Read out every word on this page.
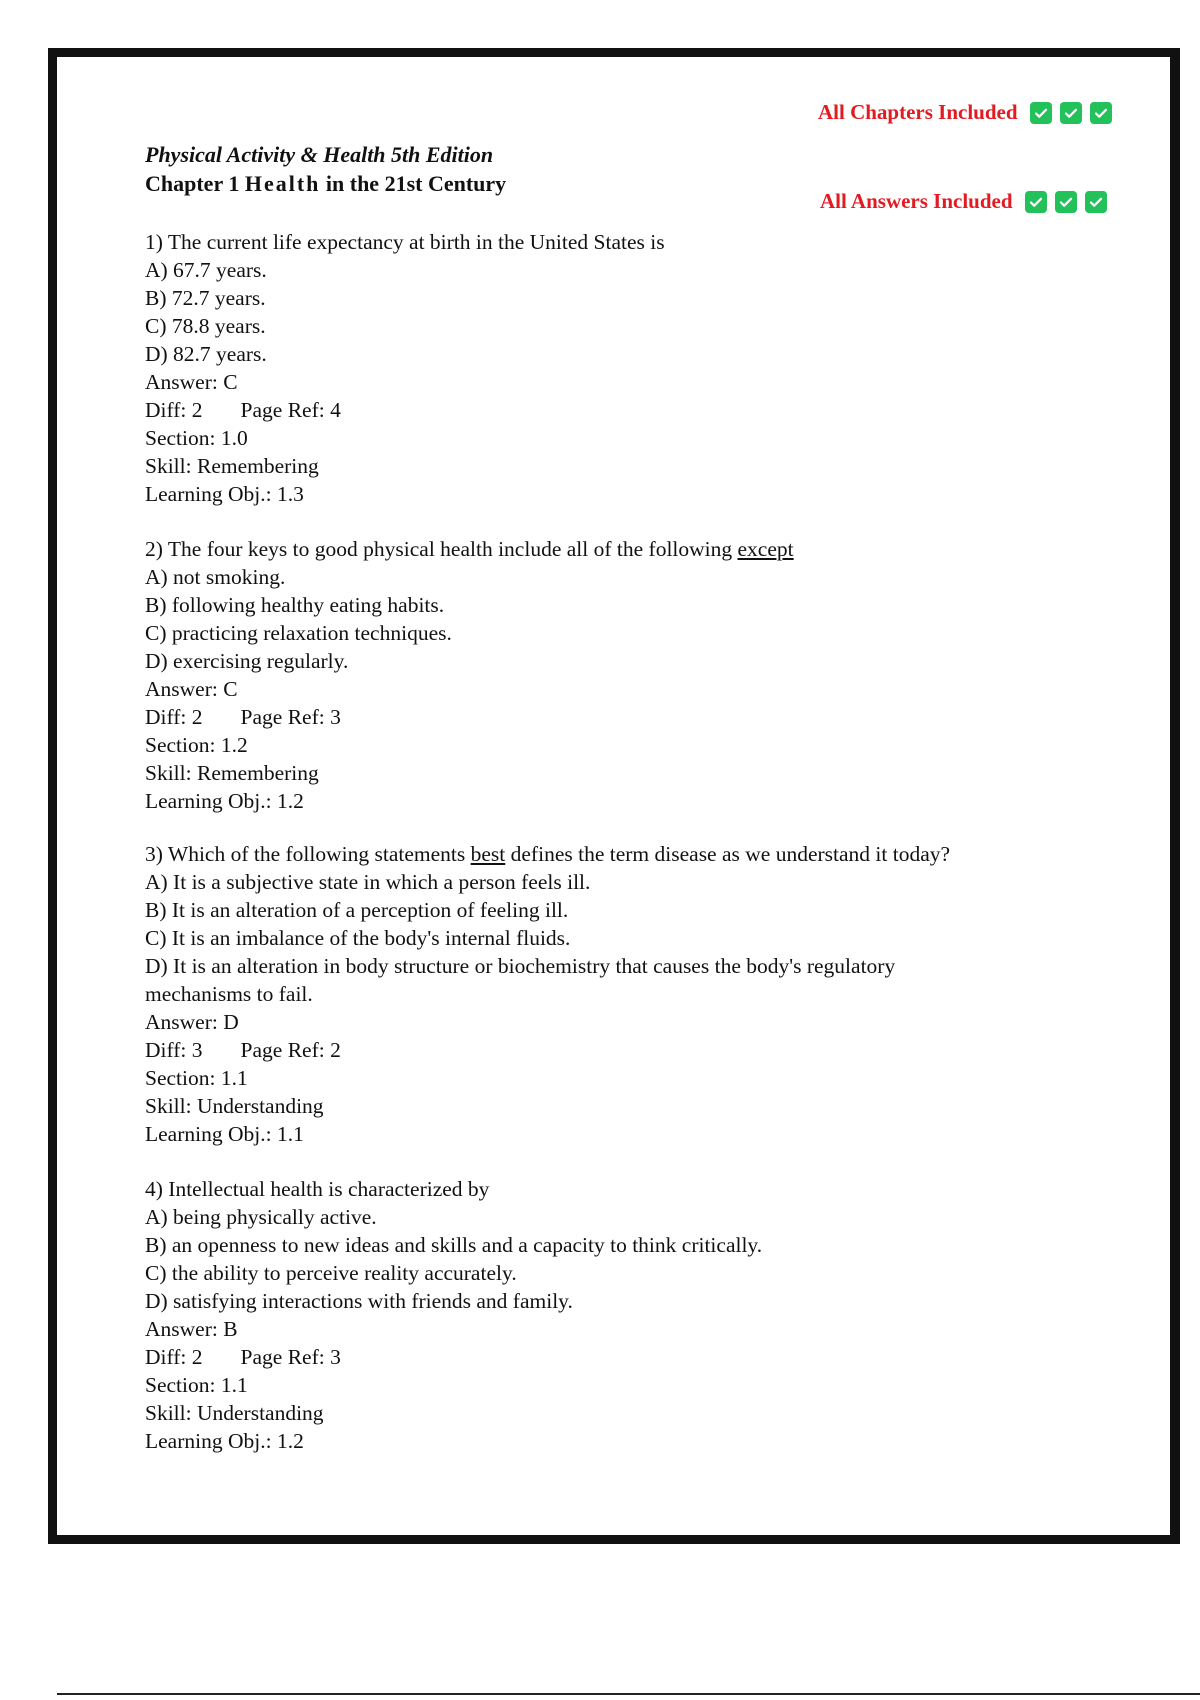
All Chapters Included
All Answers Included
Physical Activity & Health 5th Edition
Chapter 1 Health in the 21st Century
1) The current life expectancy at birth in the United States is
A) 67.7 years.
B) 72.7 years.
C) 78.8 years.
D) 82.7 years.
Answer: C
Diff: 2 Page Ref: 4
Section: 1.0
Skill: Remembering
Learning Obj.: 1.3
2) The four keys to good physical health include all of the following except
A) not smoking.
B) following healthy eating habits.
C) practicing relaxation techniques.
D) exercising regularly.
Answer: C
Diff: 2 Page Ref: 3
Section: 1.2
Skill: Remembering
Learning Obj.: 1.2
3) Which of the following statements best defines the term disease as we understand it today?
A) It is a subjective state in which a person feels ill.
B) It is an alteration of a perception of feeling ill.
C) It is an imbalance of the body's internal fluids.
D) It is an alteration in body structure or biochemistry that causes the body's regulatory mechanisms to fail.
Answer: D
Diff: 3 Page Ref: 2
Section: 1.1
Skill: Understanding
Learning Obj.: 1.1
4) Intellectual health is characterized by
A) being physically active.
B) an openness to new ideas and skills and a capacity to think critically.
C) the ability to perceive reality accurately.
D) satisfying interactions with friends and family.
Answer: B
Diff: 2 Page Ref: 3
Section: 1.1
Skill: Understanding
Learning Obj.: 1.2
